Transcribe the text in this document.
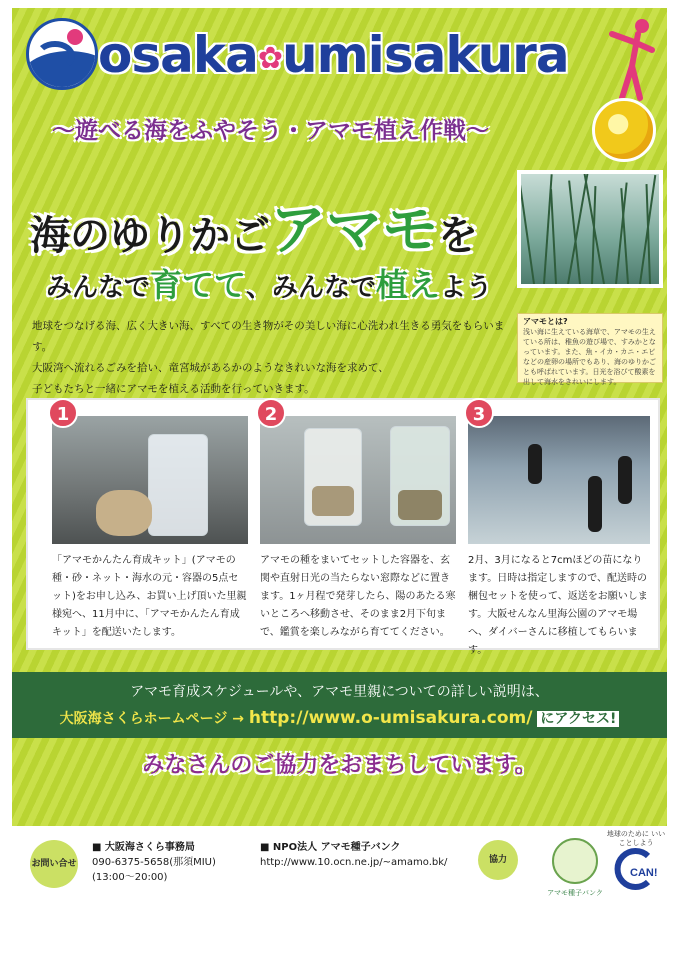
osaka✿umisakura
～遊べる海をふやそう・アマモ植え作戦～
海のゆりかごアマモを
みんなで育てて、みんなで植えよう
地球をつなげる海、広く大きい海、すべての生き物がその美しい海に心洗われ生きる勇気をもらいます。
大阪湾へ流れるごみを拾い、竜宮城があるかのようなきれいな海を求めて、
子どもたちと一緒にアマモを植える活動を行っていきます。
アマモとは?
浅い海に生えている海草で、アマモの生えている所は、稚魚の遊び場で、すみかとなっています。また、魚・イカ・カニ・エビなどの産卵の場所でもあり、海のゆりかごとも呼ばれています。日光を浴びて酸素を出して海水をきれいにします。
1	2	3
「アマモかんたん育成キット」(アマモの種・砂・ネット・海水の元・容器の5点セット)をお申し込み、お買い上げ頂いた里親様宛へ、11月中に、「アマモかんたん育成キット」を配送いたします。
アマモの種をまいてセットした容器を、玄関や直射日光の当たらない窓際などに置きます。1ヶ月程で発芽したら、陽のあたる寒いところへ移動させ、そのまま2月下旬まで、鑑賞を楽しみながら育ててください。
2月、3月になると7cmほどの苗になります。日時は指定しますので、配送時の梱包セットを使って、返送をお願いします。大阪せんなん里海公園のアマモ場へ、ダイバーさんに移植してもらいます。
アマモ育成スケジュールや、アマモ里親についての詳しい説明は、
大阪海さくらホームページ → http://www.o-umisakura.com/ にアクセス!
みなさんのご協力をおまちしています。
お問い合せ
■ 大阪海さくら事務局
090-6375-5658(那須MIU)
(13:00～20:00)
■ NPO法人 アマモ種子バンク
http://www.10.ocn.ne.jp/~amamo.bk/	協力
アマモ種子バンク
地球のために いいことしよう
CAN!
